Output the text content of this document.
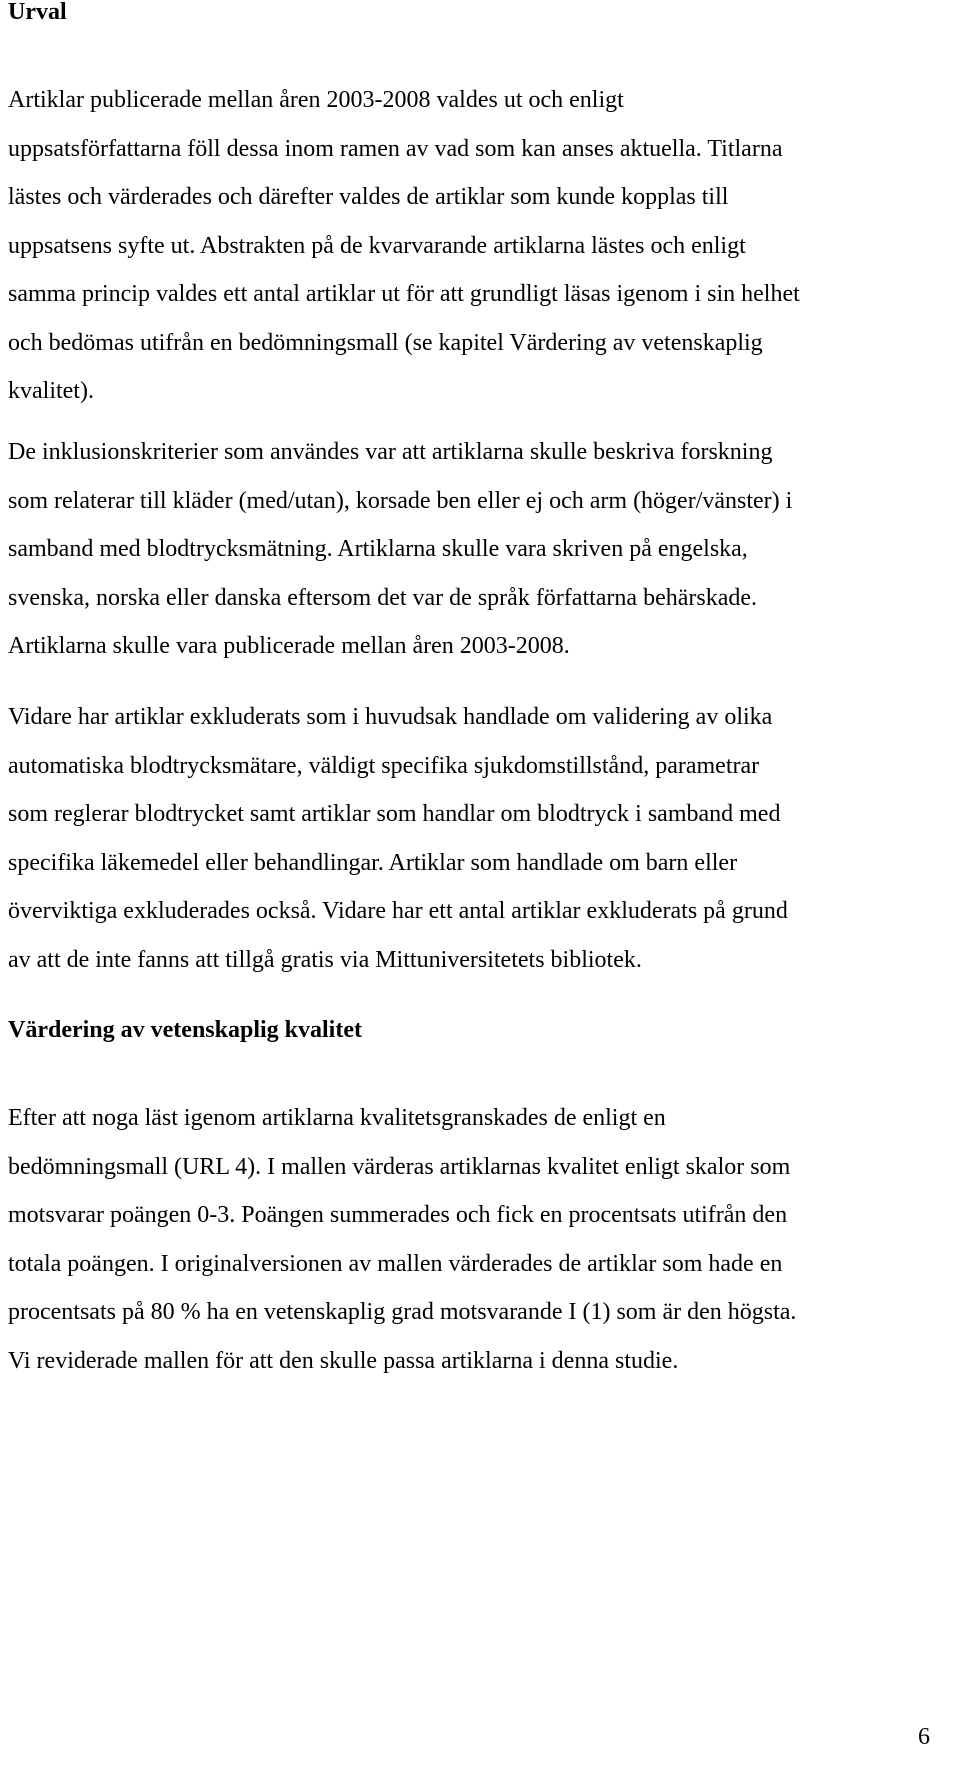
Urval

Artiklar publicerade mellan åren 2003-2008 valdes ut och enligt
uppsatsförfattarna föll dessa inom ramen av vad som kan anses aktuella. Titlarna
lästes och värderades och därefter valdes de artiklar som kunde kopplas till
uppsatsens syfte ut. Abstrakten på de kvarvarande artiklarna lästes och enligt
samma princip valdes ett antal artiklar ut för att grundligt läsas igenom i sin helhet
och bedömas utifrån en bedömningsmall (se kapitel Värdering av vetenskaplig
kvalitet).

De inklusionskriterier som användes var att artiklarna skulle beskriva forskning
som relaterar till kläder (med/utan), korsade ben eller ej och arm (höger/vänster) i
samband med blodtrycksmätning. Artiklarna skulle vara skriven på engelska,
svenska, norska eller danska eftersom det var de språk författarna behärskade.
Artiklarna skulle vara publicerade mellan åren 2003-2008.

Vidare har artiklar exkluderats som i huvudsak handlade om validering av olika
automatiska blodtrycksmätare, väldigt specifika sjukdomstillstånd, parametrar
som reglerar blodtrycket samt artiklar som handlar om blodtryck i samband med
specifika läkemedel eller behandlingar. Artiklar som handlade om barn eller
överviktiga exkluderades också. Vidare har ett antal artiklar exkluderats på grund
av att de inte fanns att tillgå gratis via Mittuniversitetets bibliotek.

Värdering av vetenskaplig kvalitet

Efter att noga läst igenom artiklarna kvalitetsgranskades de enligt en
bedömningsmall (URL 4). I mallen värderas artiklarnas kvalitet enligt skalor som
motsvarar poängen 0-3. Poängen summerades och fick en procentsats utifrån den
totala poängen. I originalversionen av mallen värderades de artiklar som hade en
procentsats på 80 % ha en vetenskaplig grad motsvarande I (1) som är den högsta.
Vi reviderade mallen för att den skulle passa artiklarna i denna studie.

6
